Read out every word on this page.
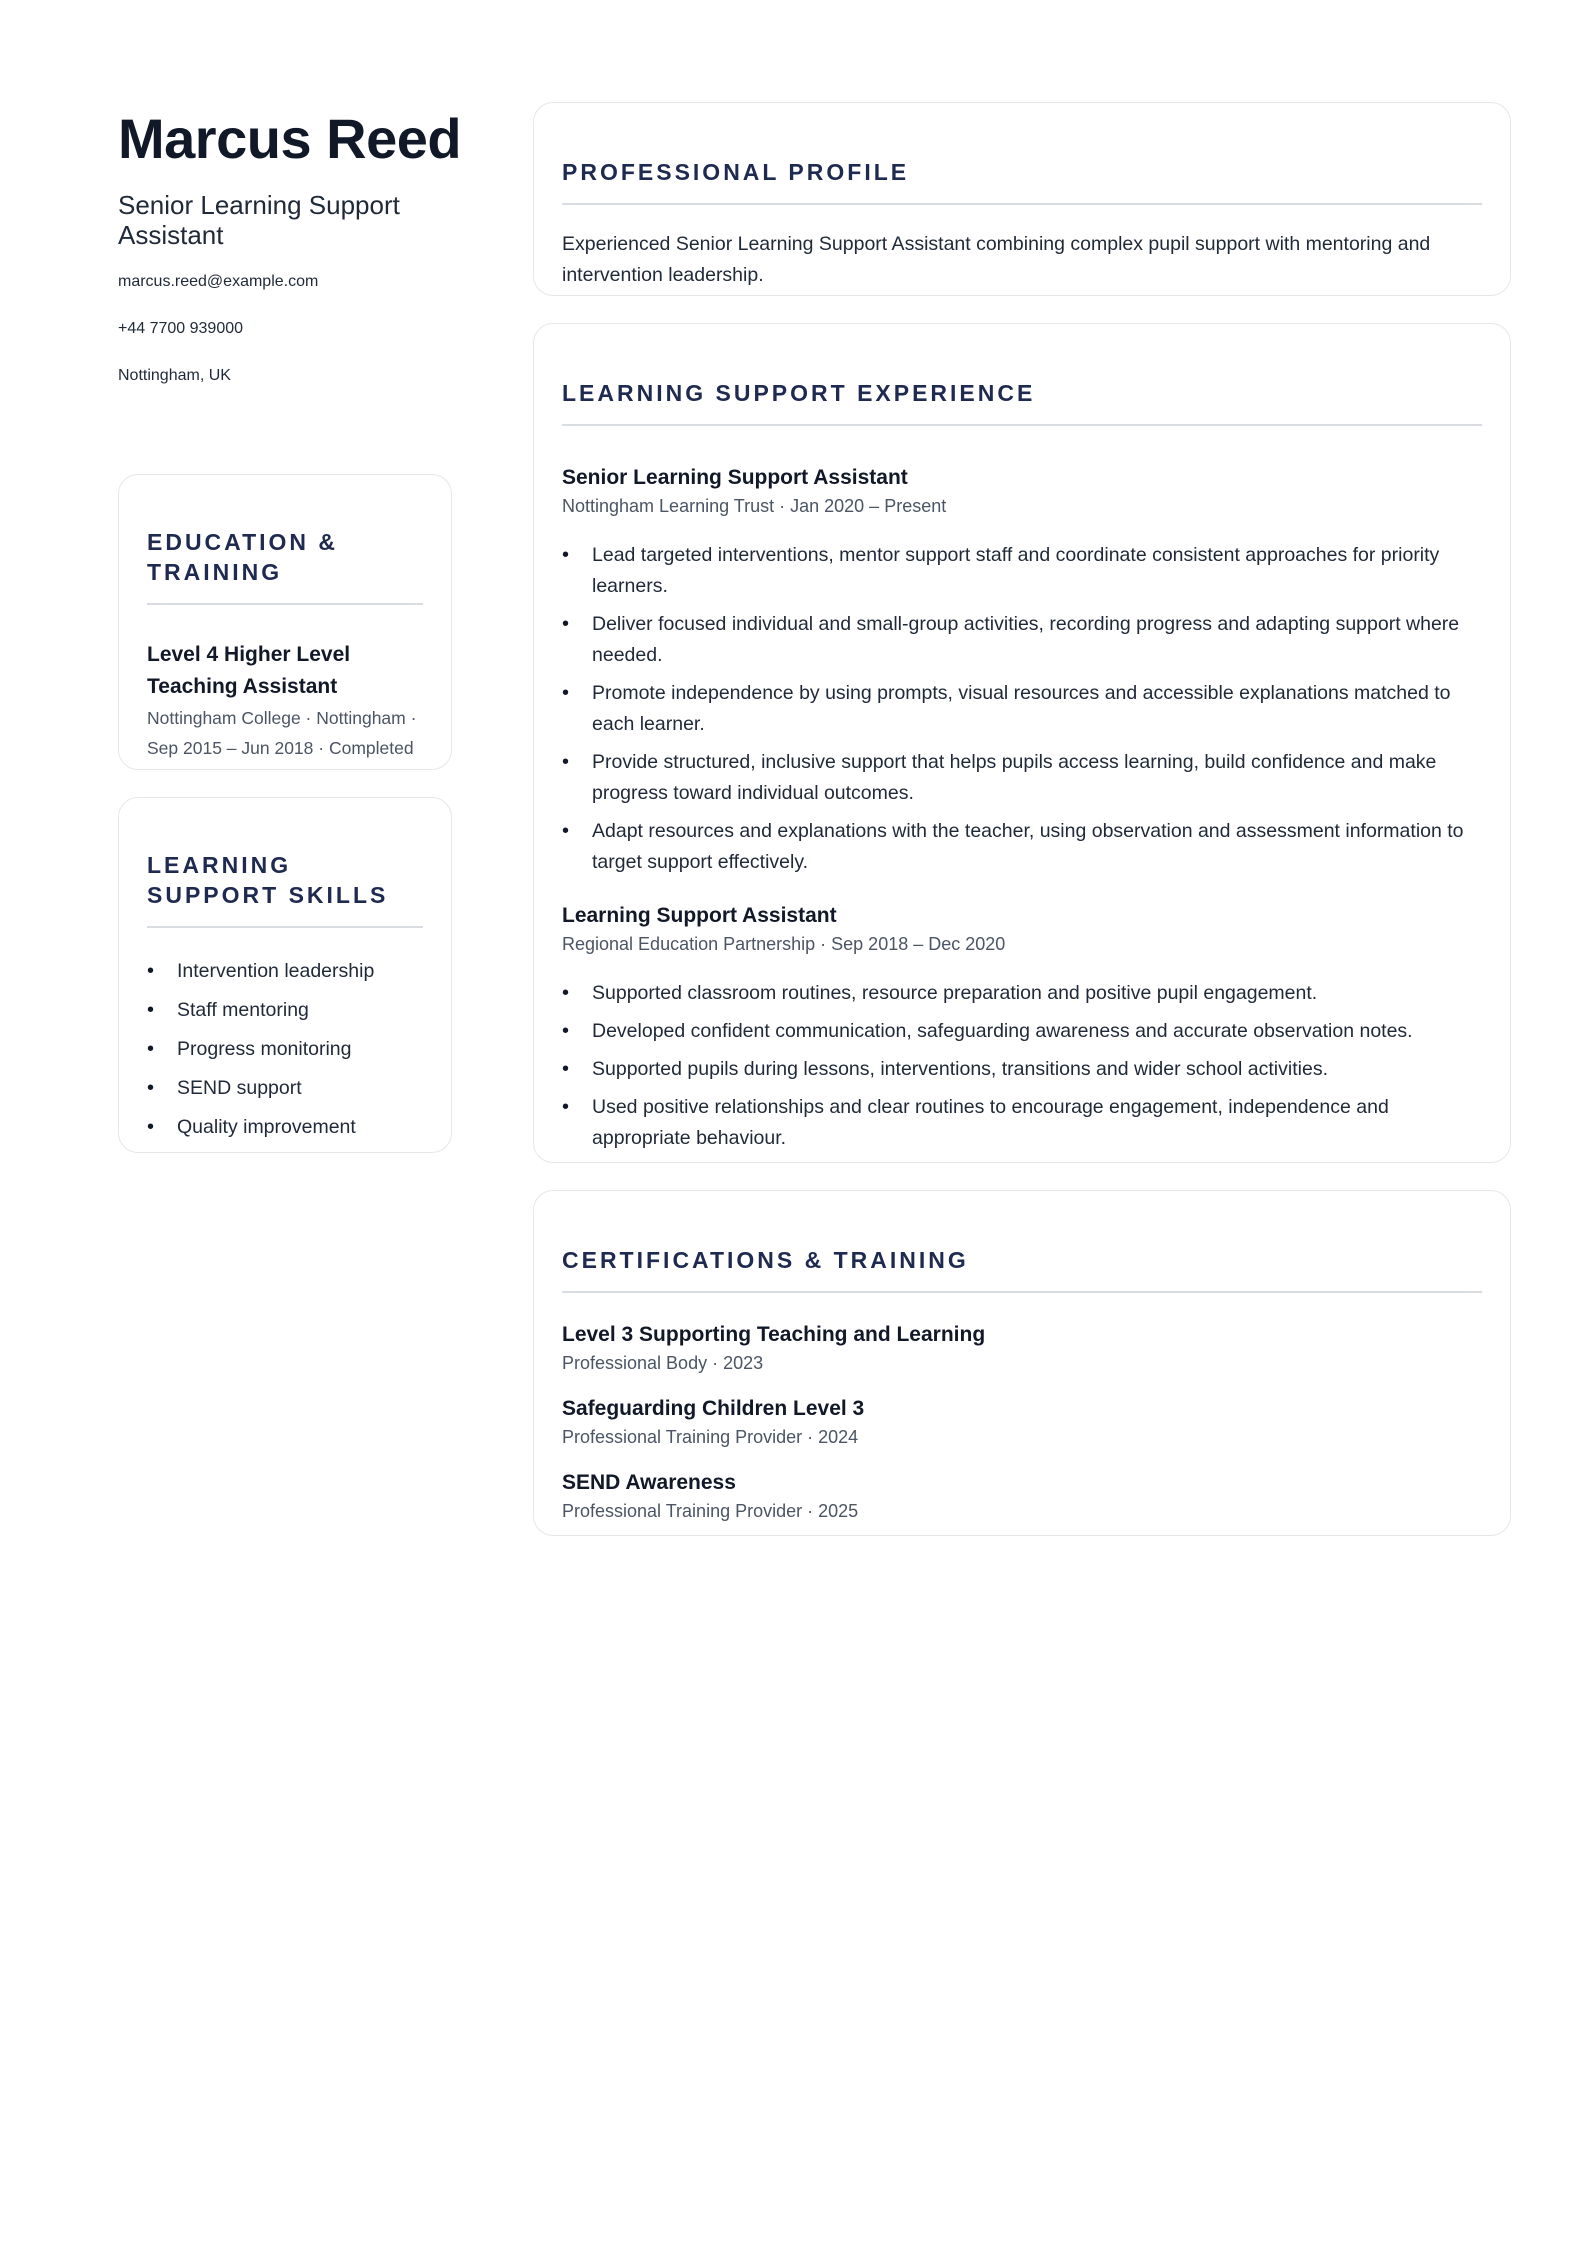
Marcus Reed
Senior Learning Support Assistant
marcus.reed@example.com
+44 7700 939000
Nottingham, UK
EDUCATION & TRAINING
Level 4 Higher Level Teaching Assistant
Nottingham College · Nottingham · Sep 2015 – Jun 2018 · Completed
LEARNING SUPPORT SKILLS
• Intervention leadership
• Staff mentoring
• Progress monitoring
• SEND support
• Quality improvement
PROFESSIONAL PROFILE

Experienced Senior Learning Support Assistant combining complex pupil support with mentoring and intervention leadership.

LEARNING SUPPORT EXPERIENCE
Senior Learning Support Assistant
Nottingham Learning Trust · Jan 2020 – Present
• Lead targeted interventions, mentor support staff and coordinate consistent approaches for priority learners.
• Deliver focused individual and small-group activities, recording progress and adapting support where needed.
• Promote independence by using prompts, visual resources and accessible explanations matched to each learner.
• Provide structured, inclusive support that helps pupils access learning, build confidence and make progress toward individual outcomes.
• Adapt resources and explanations with the teacher, using observation and assessment information to target support effectively.
Learning Support Assistant
Regional Education Partnership · Sep 2018 – Dec 2020
• Supported classroom routines, resource preparation and positive pupil engagement.
• Developed confident communication, safeguarding awareness and accurate observation notes.
• Supported pupils during lessons, interventions, transitions and wider school activities.
• Used positive relationships and clear routines to encourage engagement, independence and appropriate behaviour.
CERTIFICATIONS & TRAINING
Level 3 Supporting Teaching and Learning
Professional Body · 2023
Safeguarding Children Level 3
Professional Training Provider · 2024
SEND Awareness
Professional Training Provider · 2025
